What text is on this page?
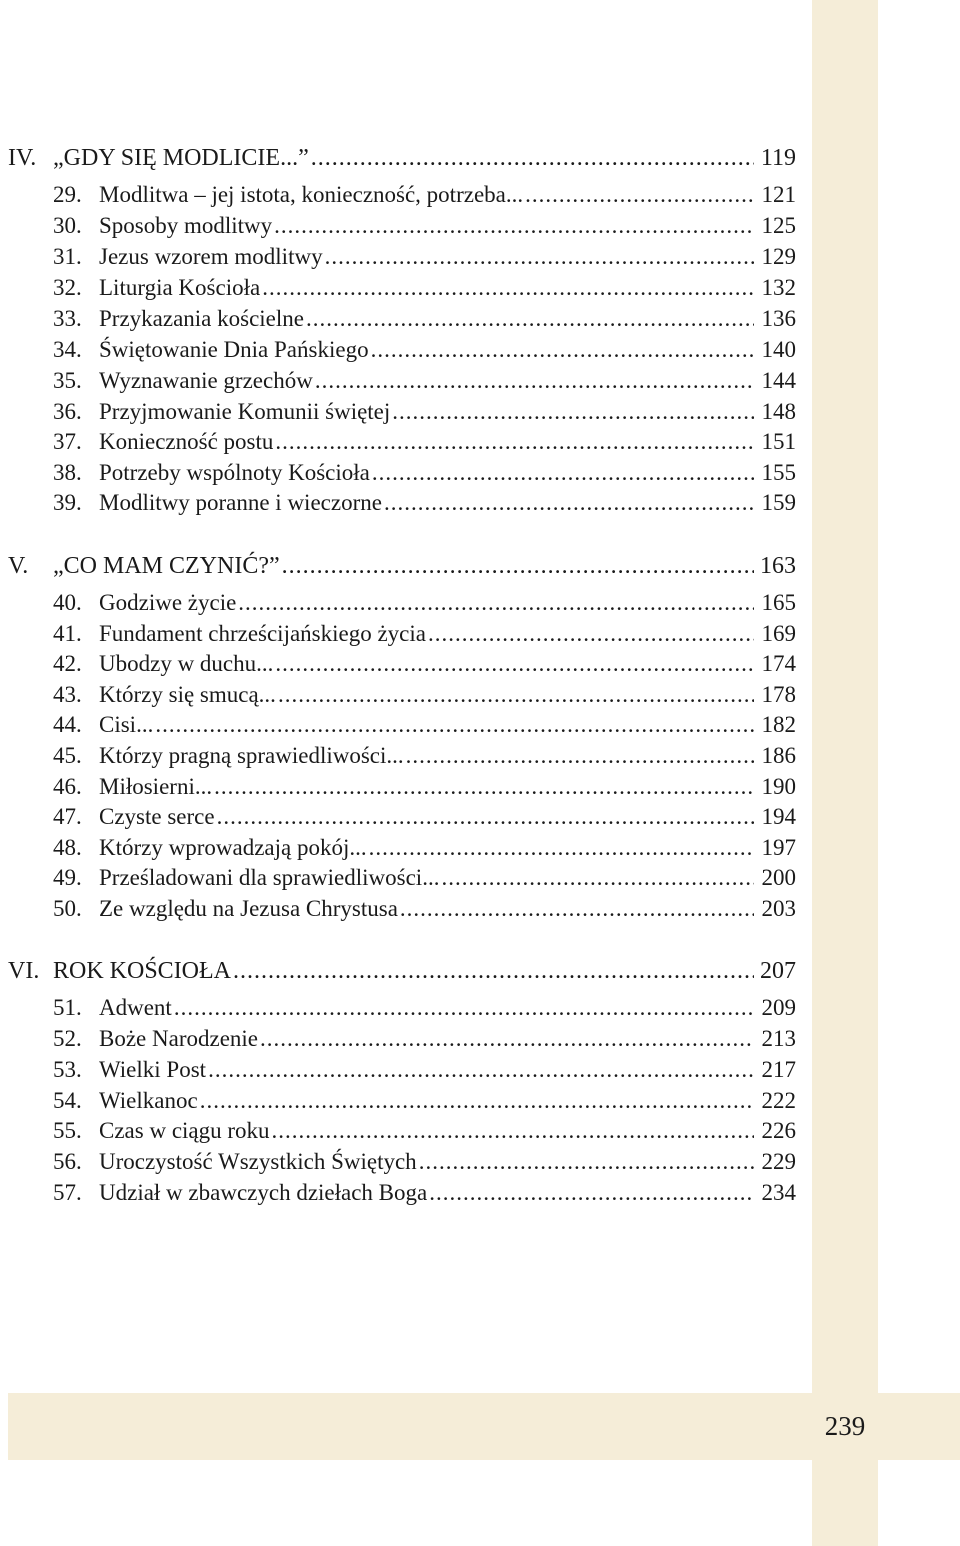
239
IV. „GDY SIĘ MODLICIE...” .....	119
29. Modlitwa – jej istota, konieczność, potrzeba... .....	121
30. Sposoby modlitwy .....	125
31. Jezus wzorem modlitwy .....	129
32. Liturgia Kościoła .....	132
33. Przykazania kościelne .....	136
34. Świętowanie Dnia Pańskiego .....	140
35. Wyznawanie grzechów .....	144
36. Przyjmowanie Komunii świętej .....	148
37. Konieczność postu .....	151
38. Potrzeby wspólnoty Kościoła .....	155
39. Modlitwy poranne i wieczorne .....	159
V.	„CO MAM CZYNIĆ?” .....	163
40. Godziwe życie .....	165
41. Fundament chrześcijańskiego życia .....	169
42. Ubodzy w duchu... .....	174
43. Którzy się smucą... .....	178
44. Cisi... .....	182
45. Którzy pragną sprawiedliwości... .....	186
46. Miłosierni... .....	190
47. Czyste serce .....	194
48. Którzy wprowadzają pokój... .....	197
49. Prześladowani dla sprawiedliwości... .....	200
50. Ze względu na Jezusa Chrystusa .....	203
VI. ROK KOŚCIOŁA .....	207
51. Adwent .....	209
52. Boże Narodzenie .....	213
53. Wielki Post .....	217
54. Wielkanoc .....	222
55. Czas w ciągu roku .....	226
56. Uroczystość Wszystkich Świętych .....	229
57. Udział w zbawczych dziełach Boga .....	234
